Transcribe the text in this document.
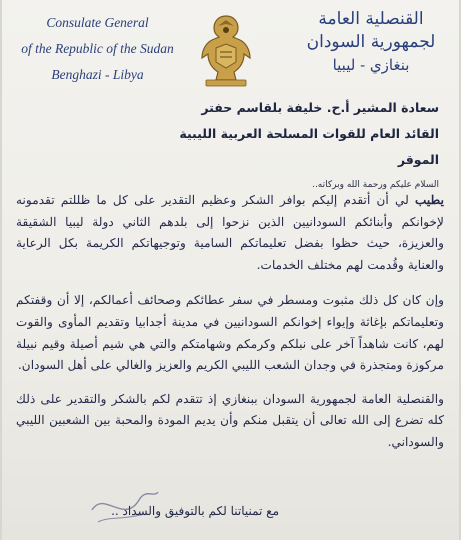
Consulate General
of the Republic of the Sudan
Benghazi - Libya
القنصلية العامة
لجمهورية السودان
بنغازي - ليبيا
سعادة المشير أ.ح. خليفة بلقاسم حفتر
القائد العام للقوات المسلحة العربية الليبية
الموقر
السلام عليكم ورحمة الله وبركاته..

يطيب لي أن أتقدم إليكم بوافر الشكر وعظيم التقدير على كل ما ظللتم تقدمونه لإخوانكم وأبنائكم السودانيين الذين نزحوا إلى بلدهم الثاني دولة ليبيا الشقيقة والعزيزة، حيث حظوا بفضل تعليماتكم السامية وتوجيهاتكم الكريمة بكل الرعاية والعناية وقُدمت لهم مختلف الخدمات.

وإن كان كل ذلك مثبوت ومسطر في سفر عطائكم وصحائف أعمالكم، إلا أن وقفتكم وتعليماتكم بإغاثة وإيواء إخوانكم السودانيين في مدينة أجدابيا وتقديم المأوى والقوت لهم، كانت شاهداً آخر على نبلكم وكرمكم وشهامتكم والتي هي شيم أصيلة وقيم نبيلة مركوزة ومتجذرة في وجدان الشعب الليبي الكريم والعزيز والغالي على أهل السودان.

والقنصلية العامة لجمهورية السودان ببنغازي إذ تتقدم لكم بالشكر والتقدير على ذلك كله تضرع إلى الله تعالى أن يتقبل منكم وأن يديم المودة والمحبة بين الشعبين الليبي والسوداني.

مع تمنياتنا لكم بالتوفيق والسداد ..
